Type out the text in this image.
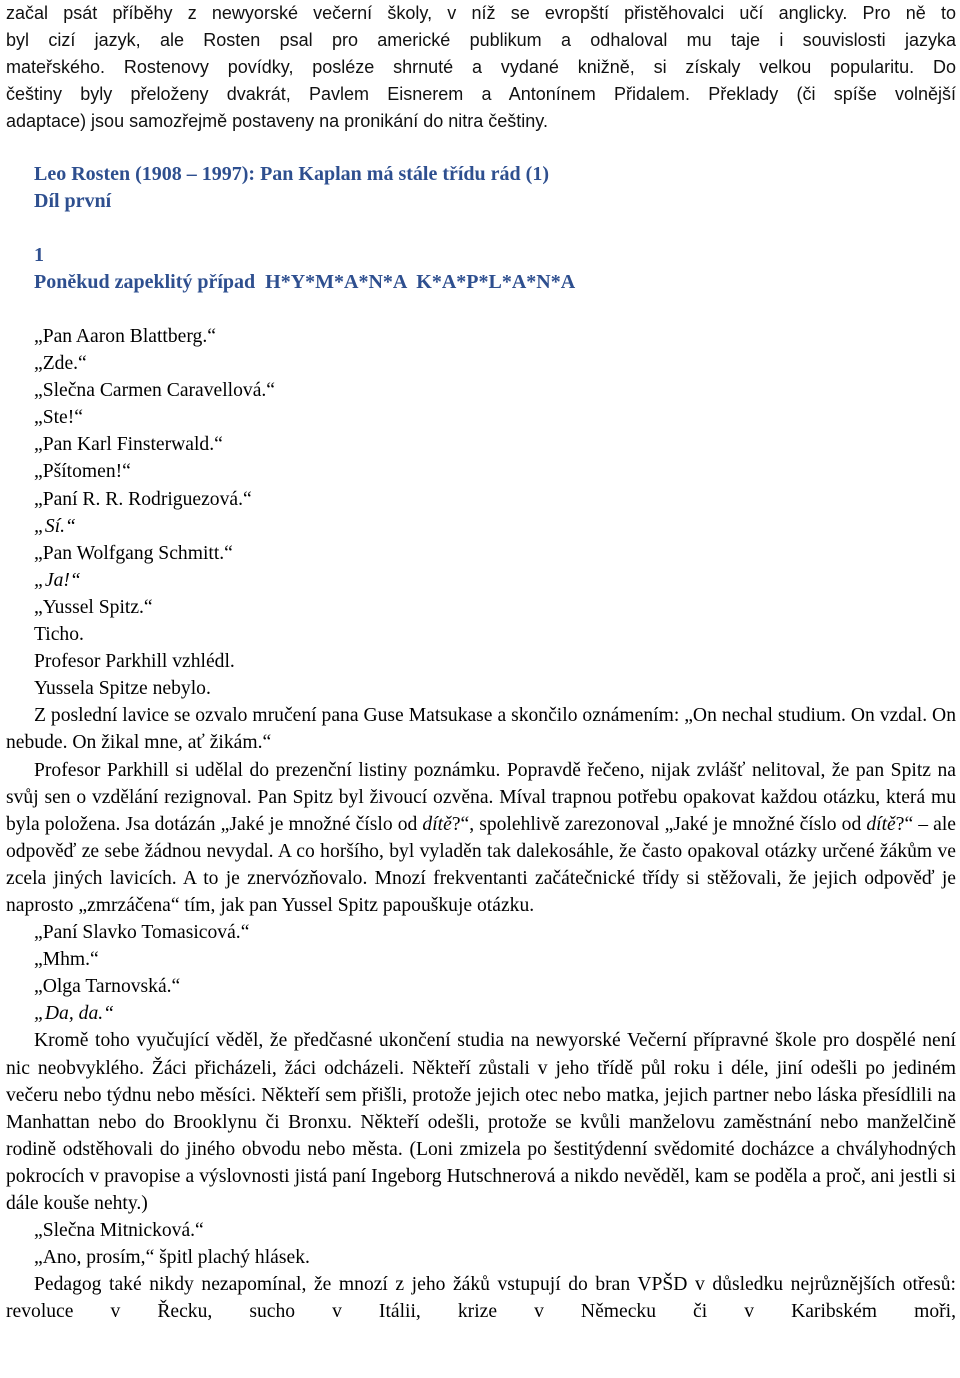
začal psát příběhy z newyorské večerní školy, v níž se evropští přistěhovalci učí anglicky. Pro ně to

byl cizí jazyk, ale Rosten psal pro americké publikum a odhaloval mu taje i souvislosti jazyka

mateřského. Rostenovy povídky, posléze shrnuté a vydané knižně, si získaly velkou popularitu. Do

češtiny byly přeloženy dvakrát, Pavlem Eisnerem a Antonínem Přidalem. Překlady (či spíše volnější

adaptace) jsou samozřejmě postaveny na pronikání do nitra češtiny.

Leo Rosten (1908 – 1997): Pan Kaplan má stále třídu rád (1)

Díl první

1

Poněkud zapeklitý případ  H*Y*M*A*N*A  K*A*P*L*A*N*A

„Pan Aaron Blattberg.“

„Zde.“

„Slečna Carmen Caravellová.“

„Ste!“

„Pan Karl Finsterwald.“

„Pšítomen!“

„Paní R. R. Rodriguezová.“

„Sí.“

„Pan Wolfgang Schmitt.“

„Ja!“

„Yussel Spitz.“

Ticho.

Profesor Parkhill vzhlédl.

Yussela Spitze nebylo.

Z poslední lavice se ozvalo mručení pana Guse Matsukase a skončilo oznámením: „On nechal studium. On vzdal. On nebude. On žikal mne, ať žikám.“

Profesor Parkhill si udělal do prezenční listiny poznámku. Popravdě řečeno, nijak zvlášť nelitoval, že pan Spitz na svůj sen o vzdělání rezignoval. Pan Spitz byl živoucí ozvěna. Míval trapnou potřebu opakovat každou otázku, která mu byla položena. Jsa dotázán „Jaké je množné číslo od dítě?“, spolehlivě zarezonoval „Jaké je množné číslo od dítě?“ – ale odpověď ze sebe žádnou nevydal. A co horšího, byl vyladěn tak dalekosáhle, že často opakoval otázky určené žákům ve zcela jiných lavicích. A to je znervózňovalo. Mnozí frekventanti začátečnické třídy si stěžovali, že jejich odpověď je naprosto „zmrzáčena“ tím, jak pan Yussel Spitz papouškuje otázku.

„Paní Slavko Tomasicová.“

„Mhm.“

„Olga Tarnovská.“

„Da, da.“

Kromě toho vyučující věděl, že předčasné ukončení studia na newyorské Večerní přípravné škole pro dospělé není nic neobvyklého. Žáci přicházeli, žáci odcházeli. Někteří zůstali v jeho třídě půl roku i déle, jiní odešli po jediném večeru nebo týdnu nebo měsíci. Někteří sem přišli, protože jejich otec nebo matka, jejich partner nebo láska přesídlili na Manhattan nebo do Brooklynu či Bronxu. Někteří odešli, protože se kvůli manželovu zaměstnání nebo manželčině rodině odstěhovali do jiného obvodu nebo města. (Loni zmizela po šestitýdenní svědomité docházce a chvályhodných pokrocích v pravopise a výslovnosti jistá paní Ingeborg Hutschnerová a nikdo nevěděl, kam se poděla a proč, ani jestli si dále kouše nehty.)

„Slečna Mitnicková.“

„Ano, prosím,“ špitl plachý hlásek.

Pedagog také nikdy nezapomínal, že mnozí z jeho žáků vstupují do bran VPŠD v důsledku nejrůznějších otřesů: revoluce v Řecku, sucho v Itálii, krize v Německu či v Karibském moři,
